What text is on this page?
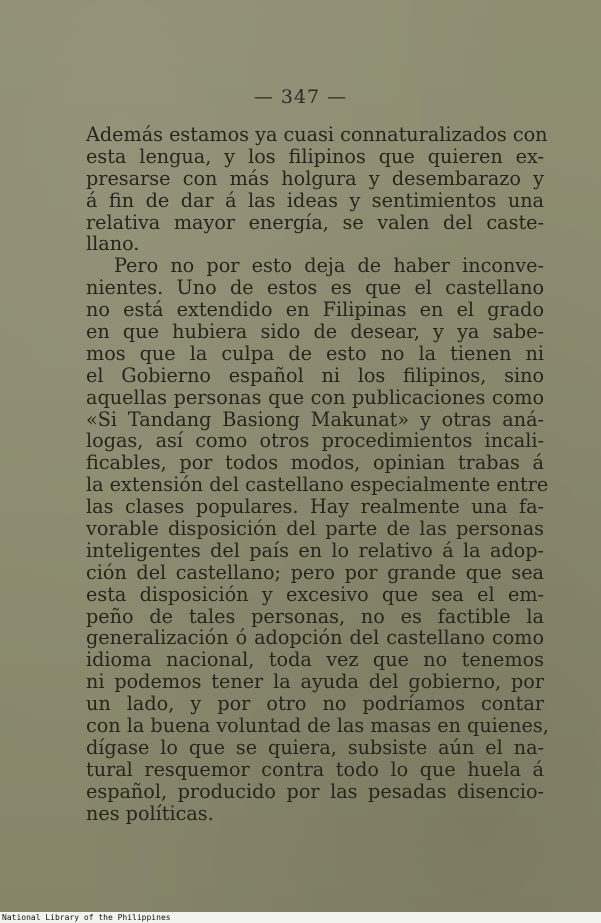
— 347 —
Además estamos ya cuasi connaturalizados con
esta lengua, y los filipinos que quieren ex-
presarse con más holgura y desembarazo y
á fin de dar á las ideas y sentimientos una
relativa mayor energía, se valen del caste-
llano.
Pero no por esto deja de haber inconve-
nientes. Uno de estos es que el castellano
no está extendido en Filipinas en el grado
en que hubiera sido de desear, y ya sabe-
mos que la culpa de esto no la tienen ni
el Gobierno español ni los filipinos, sino
aquellas personas que con publicaciones como
«Si Tandang Basiong Makunat» y otras aná-
logas, así como otros procedimientos incali-
ficables, por todos modos, opinian trabas á
la extensión del castellano especialmente entre
las clases populares. Hay realmente una fa-
vorable disposición del parte de las personas
inteligentes del país en lo relativo á la adop-
ción del castellano; pero por grande que sea
esta disposición y excesivo que sea el em-
peño de tales personas, no es factible la
generalización ó adopción del castellano como
idioma nacional, toda vez que no tenemos
ni podemos tener la ayuda del gobierno, por
un lado, y por otro no podríamos contar
con la buena voluntad de las masas en quienes,
dígase lo que se quiera, subsiste aún el na-
tural resquemor contra todo lo que huela á
español, producido por las pesadas disencio-
nes políticas.
National Library of the Philippines
